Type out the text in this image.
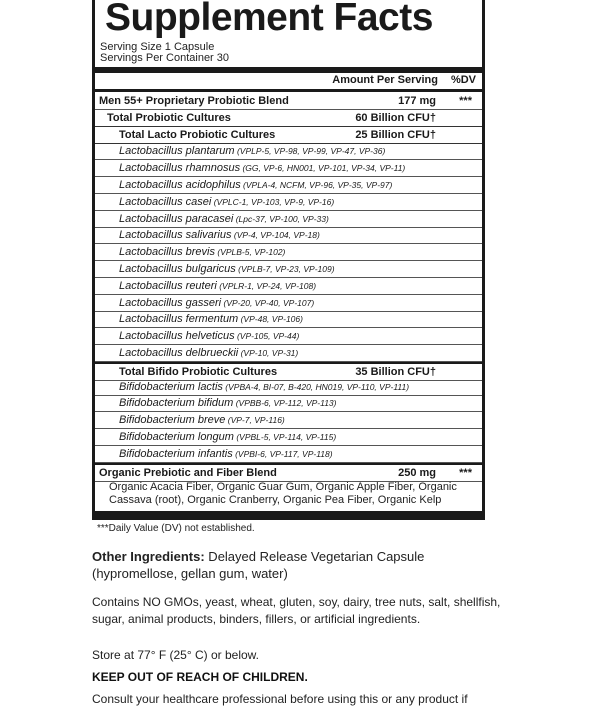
Supplement Facts
Serving Size 1 Capsule
Servings Per Container 30
Amount Per Serving %DV
Men 55+ Proprietary Probiotic Blend	177 mg ***
Total Probiotic Cultures	60 Billion CFU†
Total Lacto Probiotic Cultures	25 Billion CFU†
Lactobacillus plantarum (VPLP-5, VP-98, VP-99, VP-47, VP-36)
Lactobacillus rhamnosus (GG, VP-6, HN001, VP-101, VP-34, VP-11)
Lactobacillus acidophilus (VPLA-4, NCFM, VP-96, VP-35, VP-97)
Lactobacillus casei (VPLC-1, VP-103, VP-9, VP-16)
Lactobacillus paracasei (Lpc-37, VP-100, VP-33)
Lactobacillus salivarius (VP-4, VP-104, VP-18)
Lactobacillus brevis (VPLB-5, VP-102)
Lactobacillus bulgaricus (VPLB-7, VP-23, VP-109)
Lactobacillus reuteri (VPLR-1, VP-24, VP-108)
Lactobacillus gasseri (VP-20, VP-40, VP-107)
Lactobacillus fermentum (VP-48, VP-106)
Lactobacillus helveticus (VP-105, VP-44)
Lactobacillus delbrueckii (VP-10, VP-31)
Total Bifido Probiotic Cultures	35 Billion CFU†
Bifidobacterium lactis (VPBA-4, BI-07, B-420, HN019, VP-110, VP-111)
Bifidobacterium bifidum (VPBB-6, VP-112, VP-113)
Bifidobacterium breve (VP-7, VP-116)
Bifidobacterium longum (VPBL-5, VP-114, VP-115)
Bifidobacterium infantis (VPBI-6, VP-117, VP-118)
Organic Prebiotic and Fiber Blend	250 mg ***
Organic Acacia Fiber, Organic Guar Gum, Organic Apple Fiber, Organic Cassava (root), Organic Cranberry, Organic Pea Fiber, Organic Kelp
***Daily Value (DV) not established.
Other Ingredients: Delayed Release Vegetarian Capsule (hypromellose, gellan gum, water)
Contains NO GMOs, yeast, wheat, gluten, soy, dairy, tree nuts, salt, shellfish, sugar, animal products, binders, fillers, or artificial ingredients.
Store at 77° F (25° C) or below.
KEEP OUT OF REACH OF CHILDREN.
Consult your healthcare professional before using this or any product if
